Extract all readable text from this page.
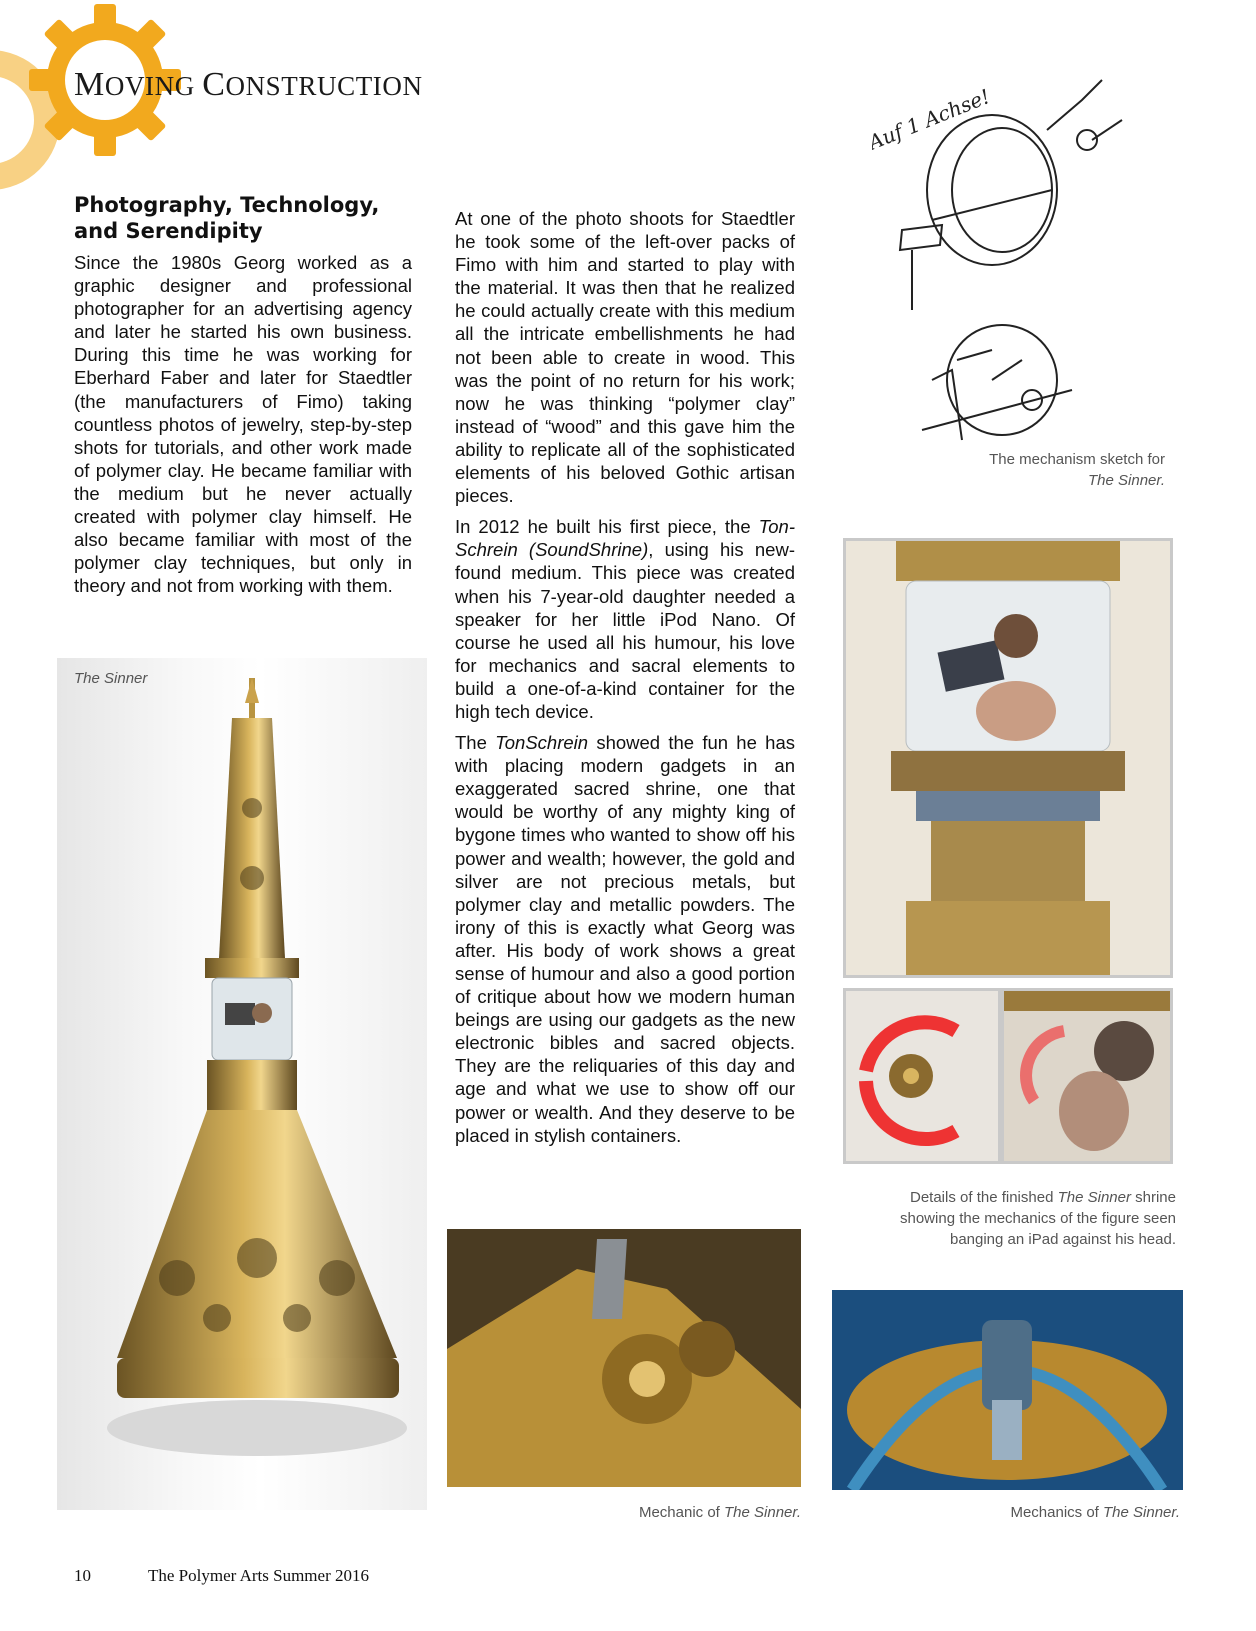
MOVING CONSTRUCTION
Photography, Technology, and Serendipity

Since the 1980s Georg worked as a graphic designer and professional photographer for an advertising agency and later he started his own business. During this time he was working for Eberhard Faber and later for Staedtler (the manufacturers of Fimo) taking countless photos of jewelry, step-by-step shots for tutorials, and other work made of polymer clay. He became familiar with the medium but he never actually created with polymer clay himself. He also became familiar with most of the polymer clay techniques, but only in theory and not from working with them.

At one of the photo shoots for Staedtler he took some of the left-over packs of Fimo with him and started to play with the material. It was then that he realized he could actually create with this medium all the intricate embellishments he had not been able to create in wood. This was the point of no return for his work; now he was thinking “polymer clay” instead of “wood” and this gave him the ability to replicate all of the sophisticated elements of his beloved Gothic artisan pieces.

In 2012 he built his first piece, the TonSchrein (SoundShrine), using his newfound medium. This piece was created when his 7-year-old daughter needed a speaker for her little iPod Nano. Of course he used all his humour, his love for mechanics and sacral elements to build a one-of-a-kind container for the high tech device.

The TonSchrein showed the fun he has with placing modern gadgets in an exaggerated sacred shrine, one that would be worthy of any mighty king of bygone times who wanted to show off his power and wealth; however, the gold and silver are not precious metals, but polymer clay and metallic powders. The irony of this is exactly what Georg was after. His body of work shows a great sense of humour and also a good portion of critique about how we modern human beings are using our gadgets as the new electronic bibles and sacred objects. They are the reliquaries of this day and age and what we use to show off our power or wealth. And they deserve to be placed in stylish containers.

The Sinner
Auf 1 Achse!
The mechanism sketch for The Sinner.
Details of the finished The Sinner shrine showing the mechanics of the figure seen banging an iPad against his head.
Mechanic of The Sinner.	Mechanics of The Sinner.
10	The Polymer Arts Summer 2016
